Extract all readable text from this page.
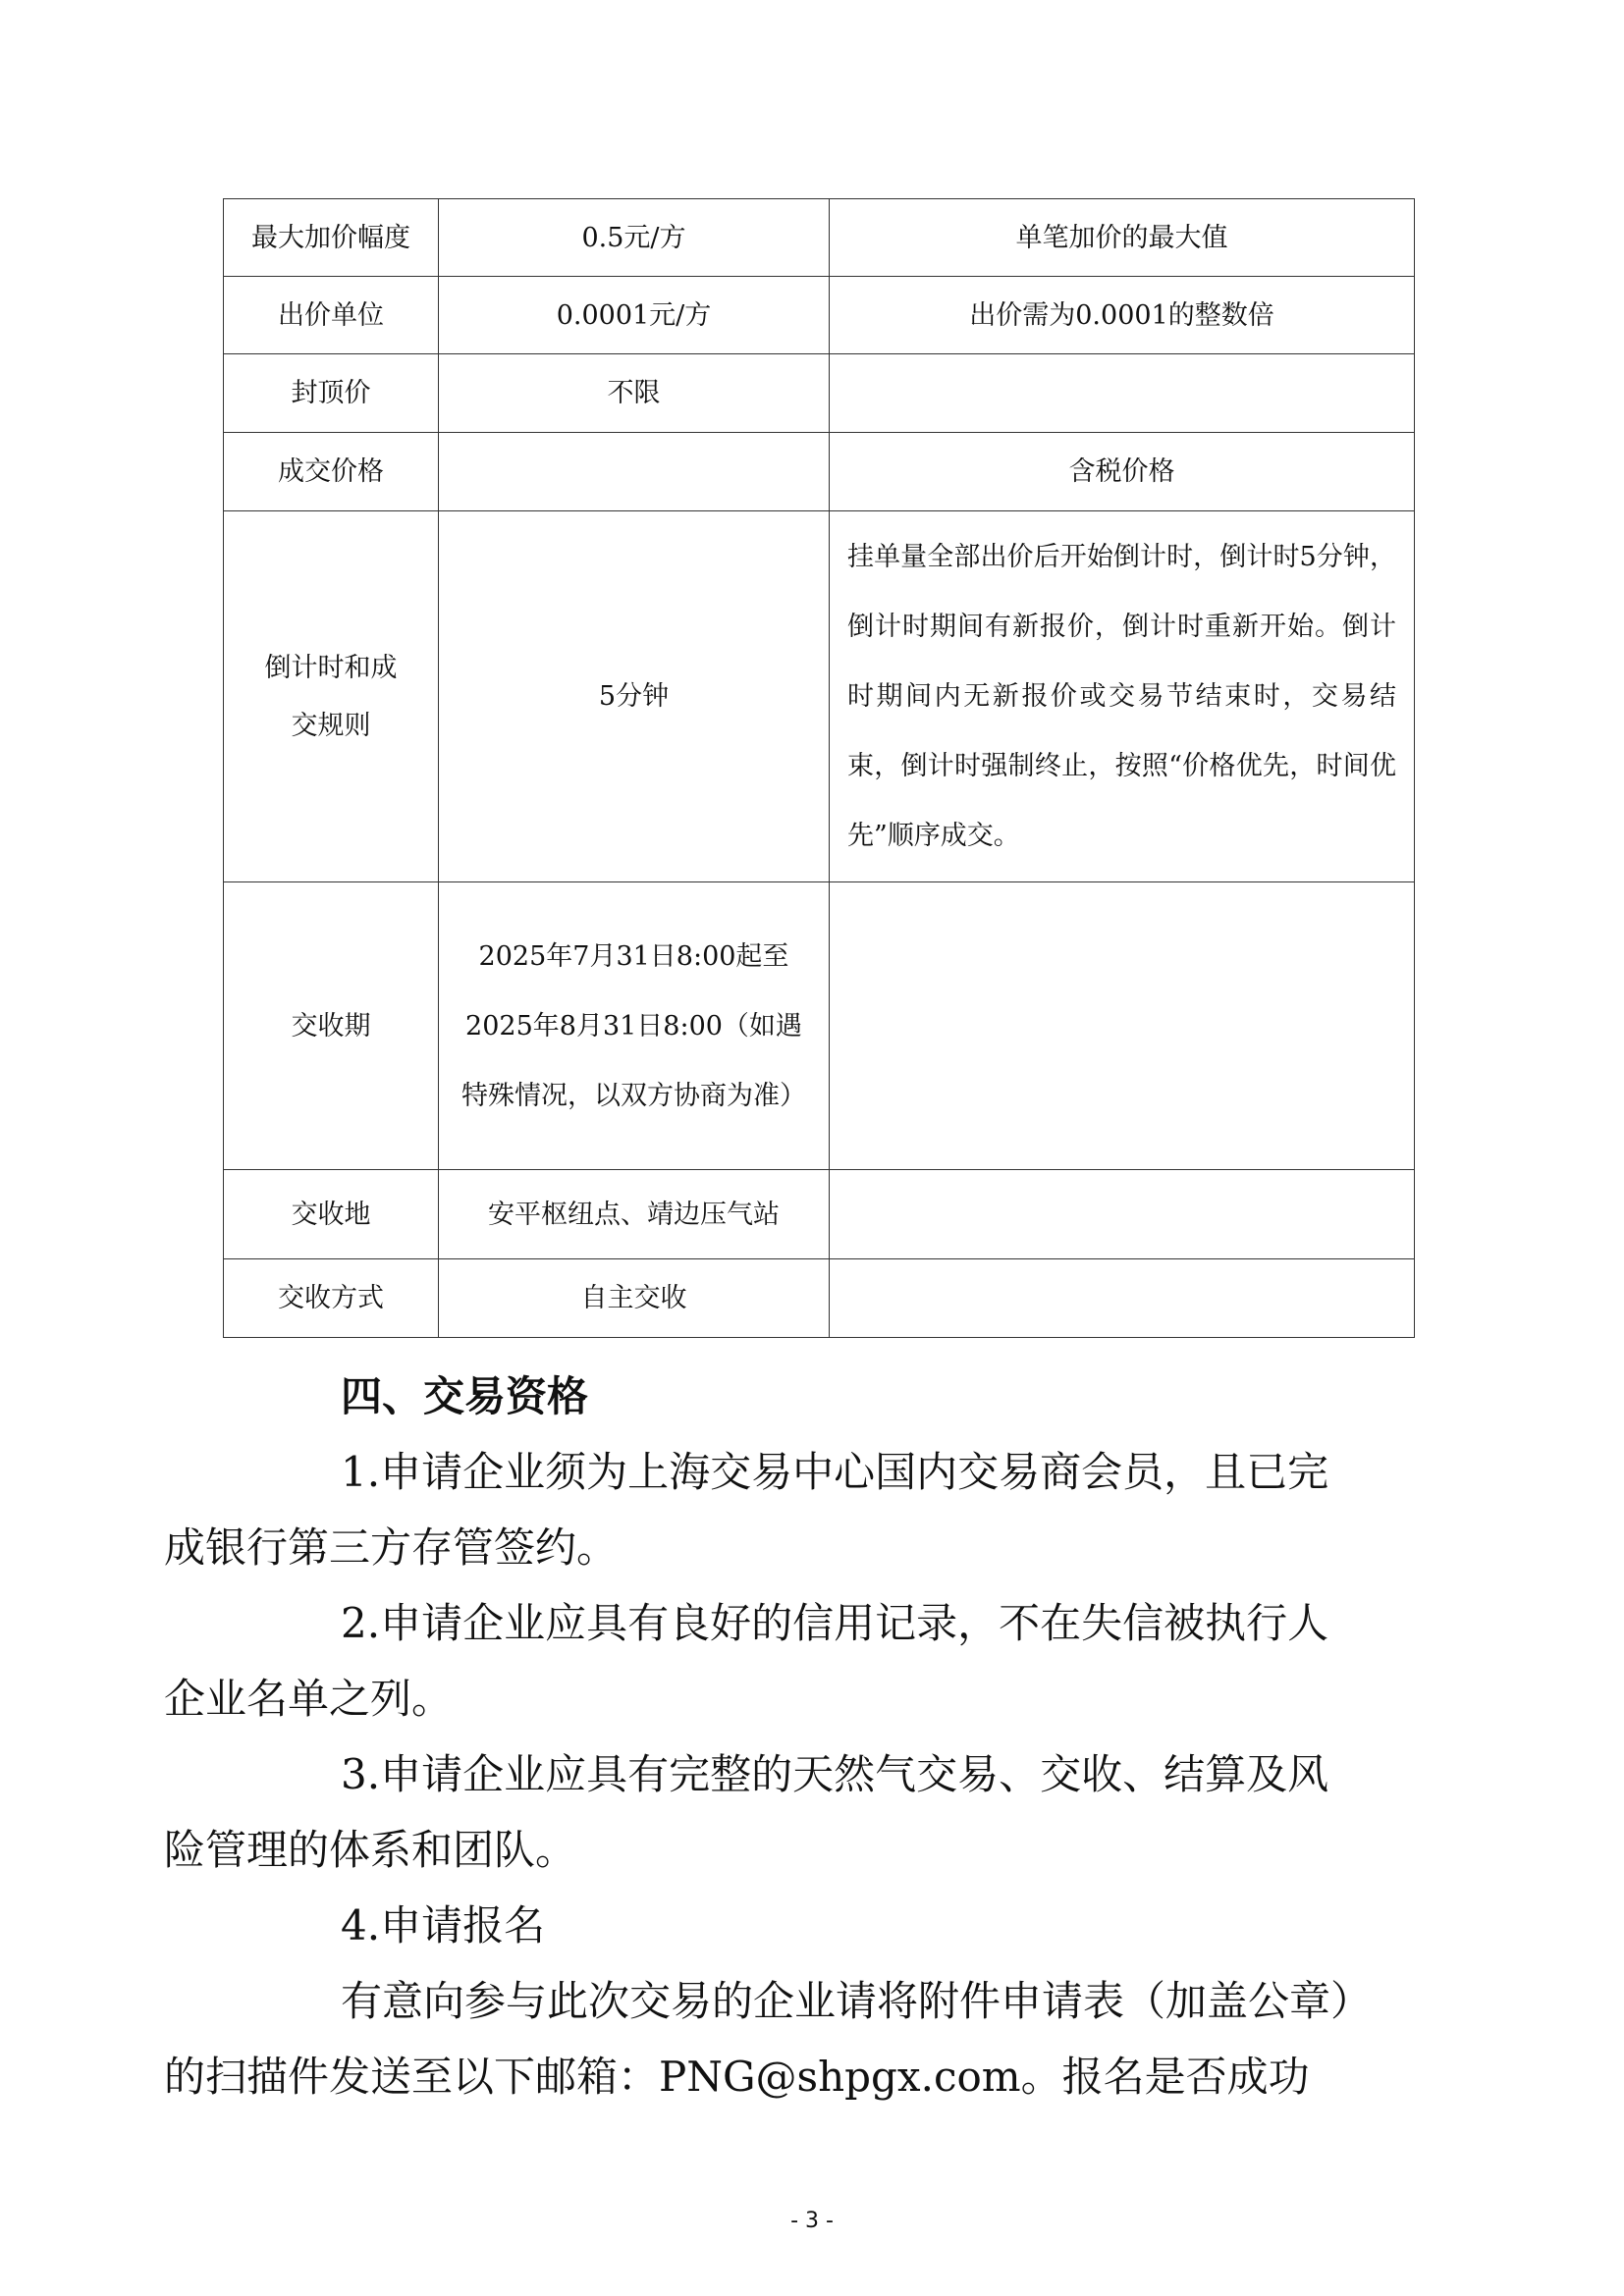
最大加价幅度	0.5元/方	单笔加价的最大值
出价单位	0.0001元/方	出价需为0.0001的整数倍
封顶价	不限	
成交价格		含税价格
倒计时和成交规则	5分钟	挂单量全部出价后开始倒计时，倒计时5分钟，倒计时期间有新报价，倒计时重新开始。倒计时期间内无新报价或交易节结束时，交易结束，倒计时强制终止，按照“价格优先，时间优先”顺序成交。
交收期	2025年7月31日8:00起至2025年8月31日8:00（如遇特殊情况，以双方协商为准）	
交收地	安平枢纽点、靖边压气站	
交收方式	自主交收	
四、交易资格

1.申请企业须为上海交易中心国内交易商会员，且已完

成银行第三方存管签约。

2.申请企业应具有良好的信用记录，不在失信被执行人

企业名单之列。

3.申请企业应具有完整的天然气交易、交收、结算及风

险管理的体系和团队。

4.申请报名

有意向参与此次交易的企业请将附件申请表（加盖公章）

的扫描件发送至以下邮箱：PNG@shpgx.com。报名是否成功

- 3 -
